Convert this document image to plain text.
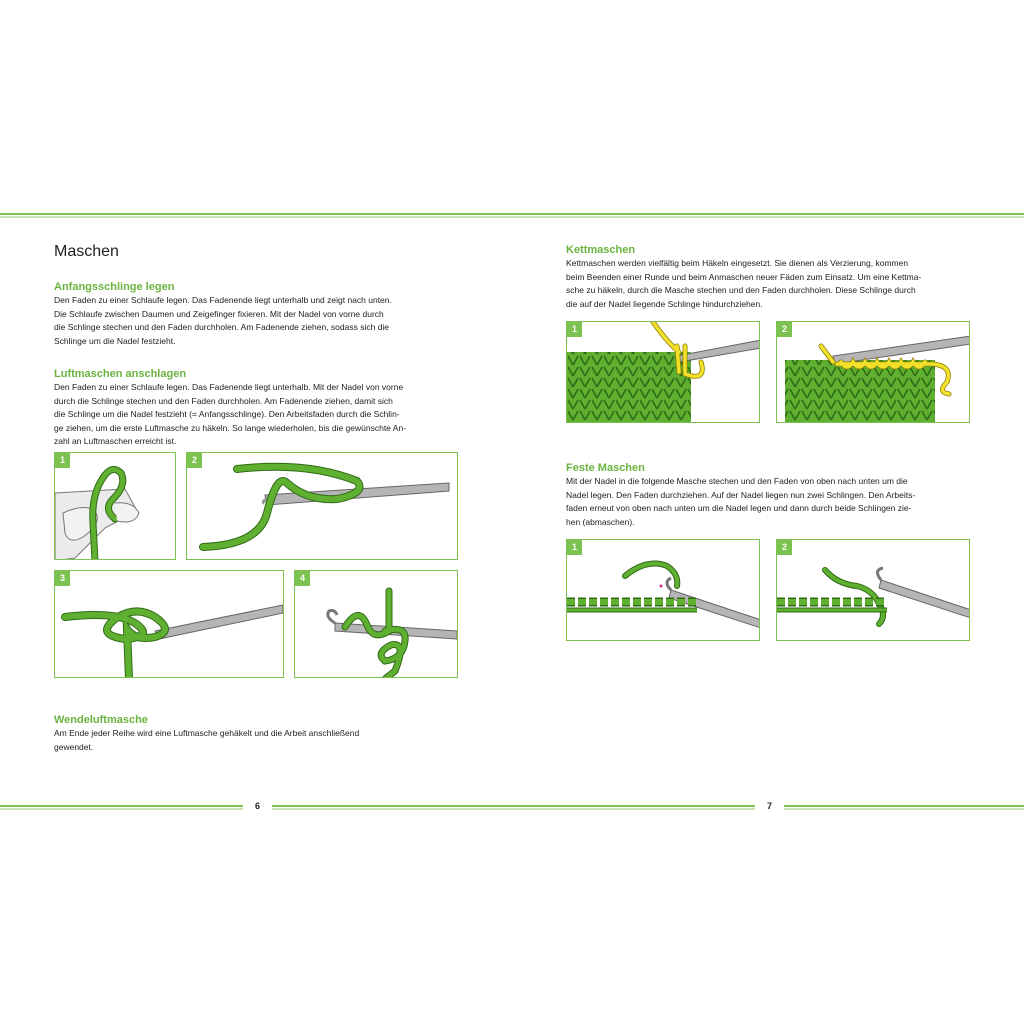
6	7
Maschen
Anfangsschlinge legen
Den Faden zu einer Schlaufe legen. Das Fadenende liegt unterhalb und zeigt nach unten.
Die Schlaufe zwischen Daumen und Zeigefinger fixieren. Mit der Nadel von vorne durch
die Schlinge stechen und den Faden durchholen. Am Fadenende ziehen, sodass sich die
Schlinge um die Nadel festzieht.
Luftmaschen anschlagen
Den Faden zu einer Schlaufe legen. Das Fadenende liegt unterhalb. Mit der Nadel von vorne
durch die Schlinge stechen und den Faden durchholen. Am Fadenende ziehen, damit sich
die Schlinge um die Nadel festzieht (= Anfangsschlinge). Den Arbeitsfaden durch die Schlin-
ge ziehen, um die erste Luftmasche zu häkeln. So lange wiederholen, bis die gewünschte An-
zahl an Luftmaschen erreicht ist.
1	2
3	4
Wendeluftmasche
Am Ende jeder Reihe wird eine Luftmasche gehäkelt und die Arbeit anschließend
gewendet.
Kettmaschen
Kettmaschen werden vielfältig beim Häkeln eingesetzt. Sie dienen als Verzierung, kommen
beim Beenden einer Runde und beim Anmaschen neuer Fäden zum Einsatz. Um eine Kettma-
sche zu häkeln, durch die Masche stechen und den Faden durchholen. Diese Schlinge durch
die auf der Nadel liegende Schlinge hindurchziehen.
1	2
Feste Maschen
Mit der Nadel in die folgende Masche stechen und den Faden von oben nach unten um die
Nadel legen. Den Faden durchziehen. Auf der Nadel liegen nun zwei Schlingen. Den Arbeits-
faden erneut von oben nach unten um die Nadel legen und dann durch beide Schlingen zie-
hen (abmaschen).
1	2
